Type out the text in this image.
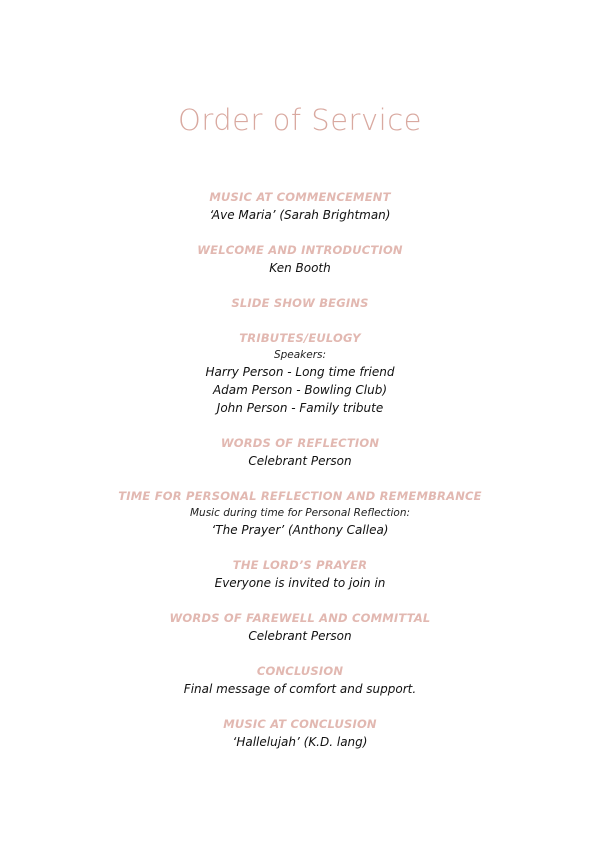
Order of Service
MUSIC AT COMMENCEMENT
‘Ave Maria’ (Sarah Brightman)
WELCOME AND INTRODUCTION
Ken Booth
SLIDE SHOW BEGINS
TRIBUTES/EULOGY
Speakers:
Harry Person - Long time friend
Adam Person - Bowling Club)
John Person - Family tribute
WORDS OF REFLECTION
Celebrant Person
TIME FOR PERSONAL REFLECTION AND REMEMBRANCE
Music during time for Personal Reflection:
‘The Prayer’ (Anthony Callea)
THE LORD’S PRAYER
Everyone is invited to join in
WORDS OF FAREWELL AND COMMITTAL
Celebrant Person
CONCLUSION
Final message of comfort and support.
MUSIC AT CONCLUSION
‘Hallelujah’ (K.D. lang)
